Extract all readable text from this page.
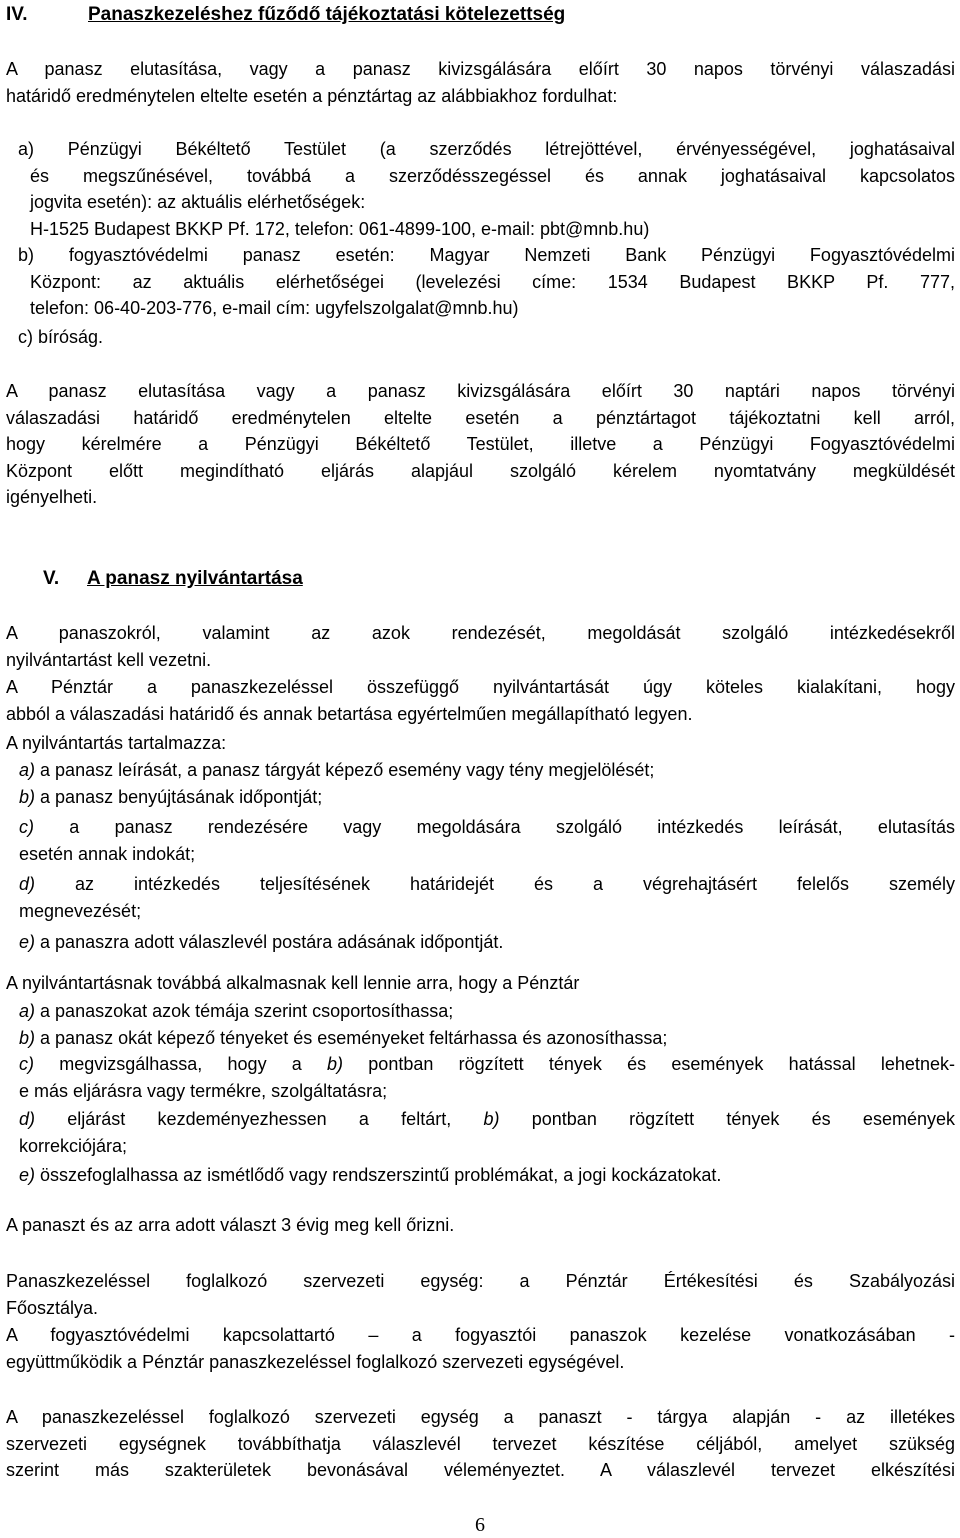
IV.	Panaszkezeléshez fűződő tájékoztatási kötelezettség
A panasz elutasítása, vagy a panasz kivizsgálására előírt 30 napos törvényi válaszadási
határidő eredménytelen eltelte esetén a pénztártag az alábbiakhoz fordulhat:
a) Pénzügyi Békéltető Testület (a szerződés létrejöttével, érvényességével, joghatásaival
és megszűnésével, továbbá a szerződésszegéssel és annak joghatásaival kapcsolatos
jogvita esetén): az aktuális elérhetőségek:
H-1525 Budapest BKKP Pf. 172, telefon: 061-4899-100, e-mail: pbt@mnb.hu)
b) fogyasztóvédelmi panasz esetén: Magyar Nemzeti Bank Pénzügyi Fogyasztóvédelmi
Központ: az aktuális elérhetőségei (levelezési címe: 1534 Budapest BKKP Pf. 777,
telefon: 06-40-203-776, e-mail cím: ugyfelszolgalat@mnb.hu)
c) bíróság.
A panasz elutasítása vagy a panasz kivizsgálására előírt 30 naptári napos törvényi
válaszadási határidő eredménytelen eltelte esetén a pénztártagot tájékoztatni kell arról,
hogy kérelmére a Pénzügyi Békéltető Testület, illetve a Pénzügyi Fogyasztóvédelmi
Központ előtt megindítható eljárás alapjául szolgáló kérelem nyomtatvány megküldését
igényelheti.
V. A panasz nyilvántartása
A panaszokról, valamint az azok rendezését, megoldását szolgáló intézkedésekről
nyilvántartást kell vezetni.
A Pénztár a panaszkezeléssel összefüggő nyilvántartását úgy köteles kialakítani, hogy
abból a válaszadási határidő és annak betartása egyértelműen megállapítható legyen.
A nyilvántartás tartalmazza:
a) a panasz leírását, a panasz tárgyát képező esemény vagy tény megjelölését;
b) a panasz benyújtásának időpontját;
c) a panasz rendezésére vagy megoldására szolgáló intézkedés leírását, elutasítás
esetén annak indokát;
d) az intézkedés teljesítésének határidejét és a végrehajtásért felelős személy
megnevezését;
e) a panaszra adott válaszlevél postára adásának időpontját.
A nyilvántartásnak továbbá alkalmasnak kell lennie arra, hogy a Pénztár
a) a panaszokat azok témája szerint csoportosíthassa;
b) a panasz okát képező tényeket és eseményeket feltárhassa és azonosíthassa;
c) megvizsgálhassa, hogy a b) pontban rögzített tények és események hatással lehetnek-
e más eljárásra vagy termékre, szolgáltatásra;
d) eljárást kezdeményezhessen a feltárt, b) pontban rögzített tények és események
korrekciójára;
e) összefoglalhassa az ismétlődő vagy rendszerszintű problémákat, a jogi kockázatokat.
A panaszt és az arra adott választ 3 évig meg kell őrizni.
Panaszkezeléssel foglalkozó szervezeti egység: a Pénztár Értékesítési és Szabályozási
Főosztálya.
A fogyasztóvédelmi kapcsolattartó – a fogyasztói panaszok kezelése vonatkozásában -
együttműködik a Pénztár panaszkezeléssel foglalkozó szervezeti egységével.
A panaszkezeléssel foglalkozó szervezeti egység a panaszt - tárgya alapján - az illetékes
szervezeti egységnek továbbíthatja válaszlevél tervezet készítése céljából, amelyet szükség
szerint más szakterületek bevonásával véleményeztet. A válaszlevél tervezet elkészítési
6
